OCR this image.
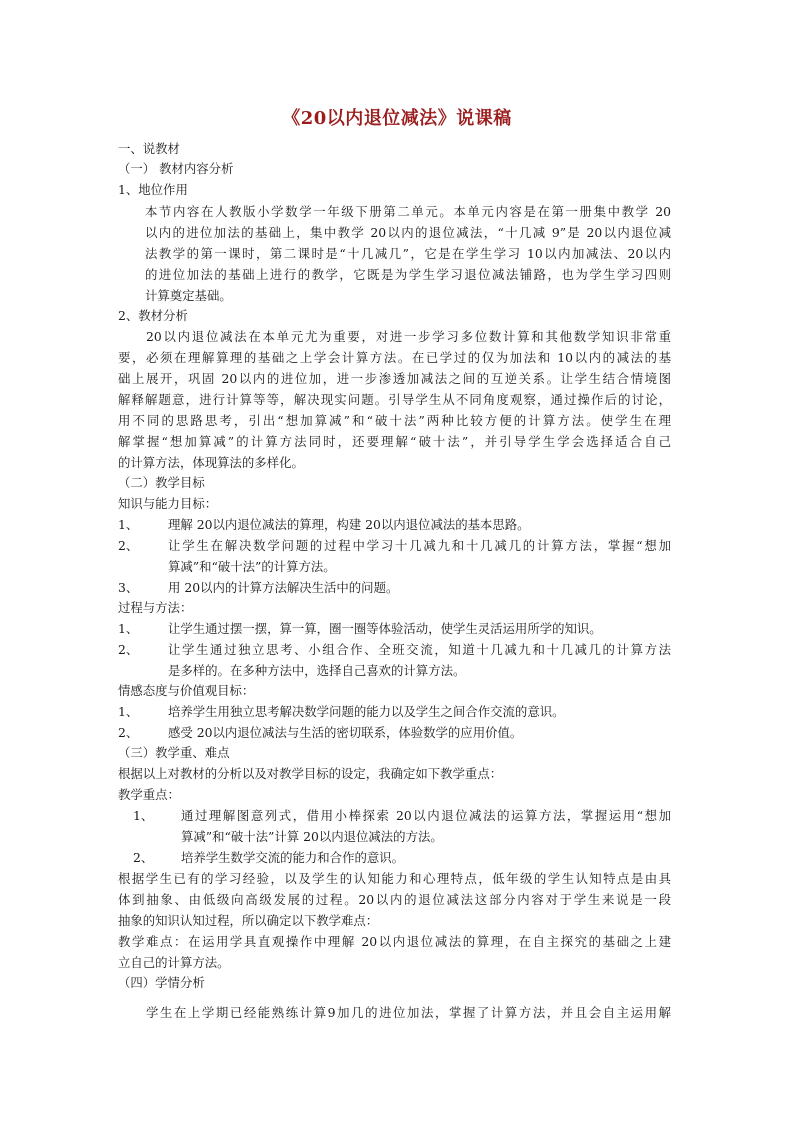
《20以内退位减法》说课稿
一、说教材
（一） 教材内容分析
1、地位作用
本节内容在人教版小学数学一年级下册第二单元。本单元内容是在第一册集中教学 20
以内的进位加法的基础上，集中教学 20以内的退位减法，“十几减 9”是 20以内退位减
法教学的第一课时，第二课时是“十几减几”，它是在学生学习 10以内加减法、20以内
的进位加法的基础上进行的教学，它既是为学生学习退位减法铺路，也为学生学习四则
计算奠定基础。
2、教材分析
20以内退位减法在本单元尤为重要，对进一步学习多位数计算和其他数学知识非常重
要，必须在理解算理的基础之上学会计算方法。在已学过的仅为加法和 10以内的减法的基
础上展开，巩固 20以内的进位加，进一步渗透加减法之间的互逆关系。让学生结合情境图
解释解题意，进行计算等等，解决现实问题。引导学生从不同角度观察，通过操作后的讨论，
用不同的思路思考，引出“想加算减”和“破十法”两种比较方便的计算方法。使学生在理
解掌握“想加算减”的计算方法同时，还要理解“破十法”，并引导学生学会选择适合自己
的计算方法，体现算法的多样化。
（二）教学目标
知识与能力目标：
1、 理解 20以内退位减法的算理，构建 20以内退位减法的基本思路。
2、 让学生在解决数学问题的过程中学习十几减九和十几减几的计算方法，掌握“想加
算减”和“破十法”的计算方法。
3、 用 20以内的计算方法解决生活中的问题。
过程与方法：
1、 让学生通过摆一摆，算一算，圈一圈等体验活动，使学生灵活运用所学的知识。
2、 让学生通过独立思考、小组合作、全班交流，知道十几减九和十几减几的计算方法
是多样的。在多种方法中，选择自己喜欢的计算方法。
情感态度与价值观目标：
1、 培养学生用独立思考解决数学问题的能力以及学生之间合作交流的意识。
2、 感受 20以内退位减法与生活的密切联系，体验数学的应用价值。
（三）教学重、难点
根据以上对教材的分析以及对教学目标的设定，我确定如下教学重点：
教学重点：
1、 通过理解图意列式，借用小棒探索 20以内退位减法的运算方法，掌握运用“想加
算减”和“破十法”计算 20以内退位减法的方法。
2、 培养学生数学交流的能力和合作的意识。
根据学生已有的学习经验，以及学生的认知能力和心理特点，低年级的学生认知特点是由具
体到抽象、由低级向高级发展的过程。20以内的退位减法这部分内容对于学生来说是一段
抽象的知识认知过程，所以确定以下教学难点：
教学难点：在运用学具直观操作中理解 20以内退位减法的算理，在自主探究的基础之上建
立自己的计算方法。
（四）学情分析
学生在上学期已经能熟练计算9加几的进位加法，掌握了计算方法，并且会自主运用解
